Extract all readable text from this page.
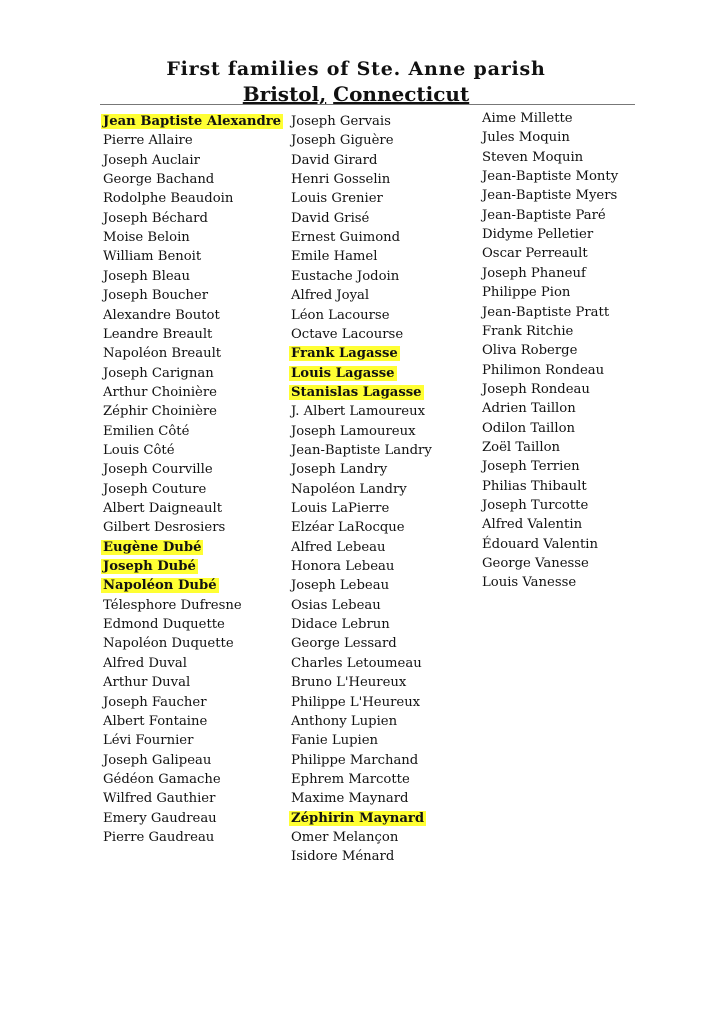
First families of Ste. Anne parish
Bristol, Connecticut
Jean Baptiste Alexandre
Pierre Allaire
Joseph Auclair
George Bachand
Rodolphe Beaudoin
Joseph Béchard
Moise Beloin
William Benoit
Joseph Bleau
Joseph Boucher
Alexandre Boutot
Leandre Breault
Napoléon Breault
Joseph Carignan
Arthur Choinière
Zéphir Choinière
Emilien Côté
Louis Côté
Joseph Courville
Joseph Couture
Albert Daigneault
Gilbert Desrosiers
Eugène Dubé
Joseph Dubé
Napoléon Dubé
Télesphore Dufresne
Edmond Duquette
Napoléon Duquette
Alfred Duval
Arthur Duval
Joseph Faucher
Albert Fontaine
Lévi Fournier
Joseph Galipeau
Gédéon Gamache
Wilfred Gauthier
Emery Gaudreau
Pierre Gaudreau
Joseph Gervais
Joseph Giguère
David Girard
Henri Gosselin
Louis Grenier
David Grisé
Ernest Guimond
Emile Hamel
Eustache Jodoin
Alfred Joyal
Léon Lacourse
Octave Lacourse
Frank Lagasse
Louis Lagasse
Stanislas Lagasse
J. Albert Lamoureux
Joseph Lamoureux
Jean-Baptiste Landry
Joseph Landry
Napoléon Landry
Louis LaPierre
Elzéar LaRocque
Alfred Lebeau
Honora Lebeau
Joseph Lebeau
Osias Lebeau
Didace Lebrun
George Lessard
Charles Letoumeau
Bruno L'Heureux
Philippe L'Heureux
Anthony Lupien
Fanie Lupien
Philippe Marchand
Ephrem Marcotte
Maxime Maynard
Zéphirin Maynard
Omer Melançon
Isidore Ménard
Aime Millette
Jules Moquin
Steven Moquin
Jean-Baptiste Monty
Jean-Baptiste Myers
Jean-Baptiste Paré
Didyme Pelletier
Oscar Perreault
Joseph Phaneuf
Philippe Pion
Jean-Baptiste Pratt
Frank Ritchie
Oliva Roberge
Philimon Rondeau
Joseph Rondeau
Adrien Taillon
Odilon Taillon
Zoël Taillon
Joseph Terrien
Philias Thibault
Joseph Turcotte
Alfred Valentin
Édouard Valentin
George Vanesse
Louis Vanesse
